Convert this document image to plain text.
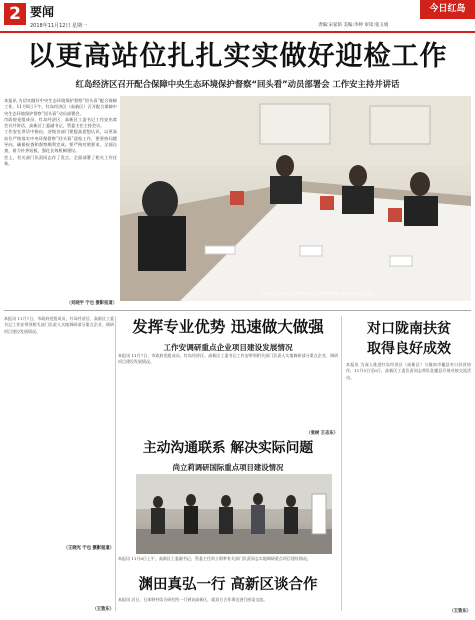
2 要闻
2018年11月12日 星期一	责编:宋家铭 美编:李婷 审读:张玉娟
今日红岛
以更高站位扎扎实实做好迎检工作
红岛经济区召开配合保障中央生态环境保护督察“回头看”动员部署会 工作安主持并讲话
本报讯 为切实做好中央生态环境保护督察“回头看”配合保障工作，11月8日下午，红岛经济区（高新区）召开配合保障中央生态环境保护督察“回头看”动员部署会。
市政府党组成员、红岛经济区、高新区工委书记工作安出席会议并讲话，高新区工委副书记、管委主任主持会议。
工作安在讲话中指出，各级各部门要提高思想认识，以更高站位严格落实中央环保督察“回头看”迎检工作，要坚持问题导向，确保检查和督察顺利完成。要严格对照要求，全面自查，着力补齐短板，强化长效机制建设。
会上，有关部门负责同志作了发言，全面部署了相关工作任务。
（刘晓宇 宁也 摄影报道）
红岛经济区召开配合保障中央生态环境保护督察“回头看”动员部署会。
发挥专业优势 迅速做大做强
工作安调研重点企业项目建设发展情况
本报讯 11月7日，市政府党组成员、红岛经济区、高新区工委书记工作安带领相关部门负责人实地调研部分重点企业，调研项目建设发展情况。
（张树 王志东）
本报讯 11月7日，市政府党组成员、红岛经济区、高新区工委书记工作安带领相关部门负责人实地调研部分重点企业，调研项目建设发展情况。	对口陇南扶贫
取得良好成效
本报讯 为深入推进红岛经济区（高新区）与陇南市徽县对口扶贫协作，11月5日至6日，高新区工委负责同志带队赴徽县开展对接交流活动。
（王致东）
主动沟通联系 解决实际问题
尚立莉调研国际重点项目建设情况
本报讯 11月6日上午，高新区工委副书记、管委主任尚立莉率有关部门负责同志实地调研重点项目建设情况。
（王晓光 宁也 摄影报道）
渊田真弘一行 高新区谈合作
本报讯 近日，日本野村综合研究所一行到访高新区，就双方合作事宜进行座谈交流。
（王致东）
